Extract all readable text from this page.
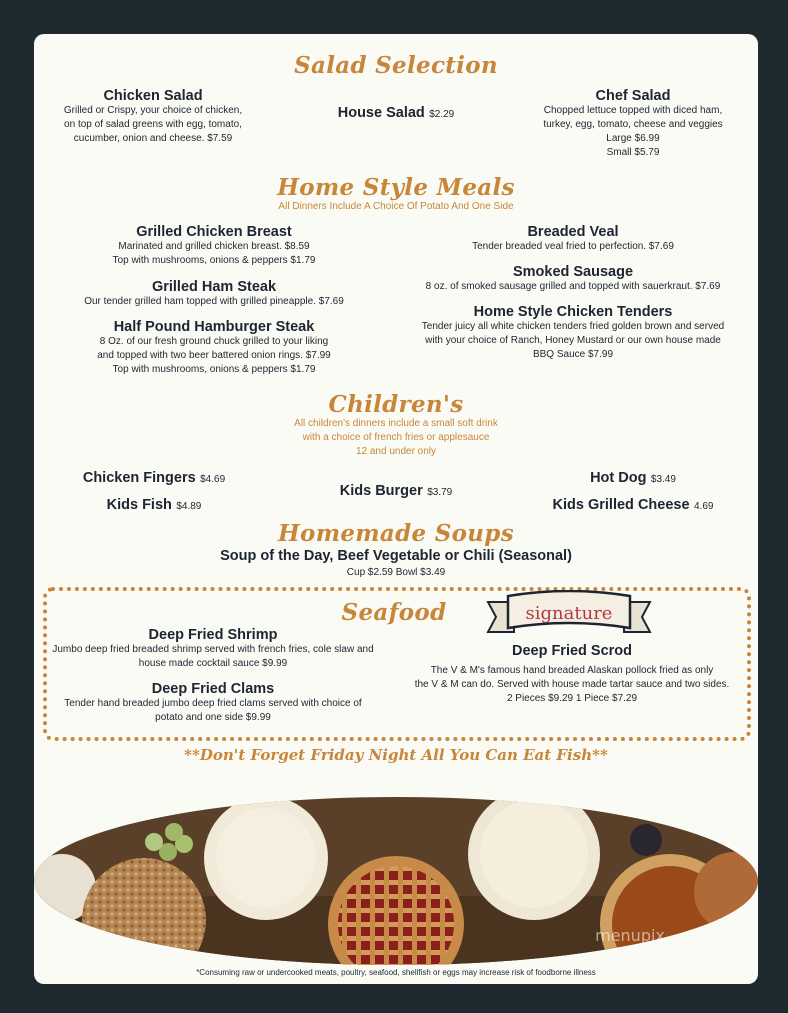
Salad Selection
Chicken Salad
Grilled or Crispy, your choice of chicken,
on top of salad greens with egg, tomato,
cucumber, onion and cheese. $7.59
House Salad $2.29
Chef Salad
Chopped lettuce topped with diced ham,
turkey, egg, tomato, cheese and veggies
Large $6.99
Small $5.79
Home Style Meals
All Dinners Include A Choice Of Potato And One Side
Grilled Chicken Breast
Marinated and grilled chicken breast. $8.59
Top with mushrooms, onions & peppers $1.79
Grilled Ham Steak
Our tender grilled ham topped with grilled pineapple. $7.69
Half Pound Hamburger Steak
8 Oz. of our fresh ground chuck grilled to your liking
and topped with two beer battered onion rings. $7.99
Top with mushrooms, onions & peppers $1.79
Breaded Veal
Tender breaded veal fried to perfection. $7.69
Smoked Sausage
8 oz. of smoked sausage grilled and topped with sauerkraut. $7.69
Home Style Chicken Tenders
Tender juicy all white chicken tenders fried golden brown and served
with your choice of Ranch, Honey Mustard or our own house made
BBQ Sauce $7.99
Children's
All children's dinners include a small soft drink
with a choice of french fries or applesauce
12 and under only
Chicken Fingers $4.69
Kids Fish $4.89
Kids Burger $3.79
Hot Dog $3.49
Kids Grilled Cheese 4.69
Homemade Soups
Soup of the Day, Beef Vegetable or Chili (Seasonal)
Cup $2.59 Bowl $3.49
Seafood	signature
Deep Fried Shrimp
Jumbo deep fried breaded shrimp served with french fries, cole slaw and
house made cocktail sauce $9.99
Deep Fried Clams
Tender hand breaded jumbo deep fried clams served with choice of
potato and one side $9.99
Deep Fried Scrod
The V & M's famous hand breaded Alaskan pollock fried as only
the V & M can do. Served with house made tartar sauce and two sides.
2 Pieces $9.29 1 Piece $7.29
**Don't Forget Friday Night All You Can Eat Fish**
menupix
*Consuming raw or undercooked meats, poultry, seafood, shellfish or eggs may increase risk of foodborne illness
